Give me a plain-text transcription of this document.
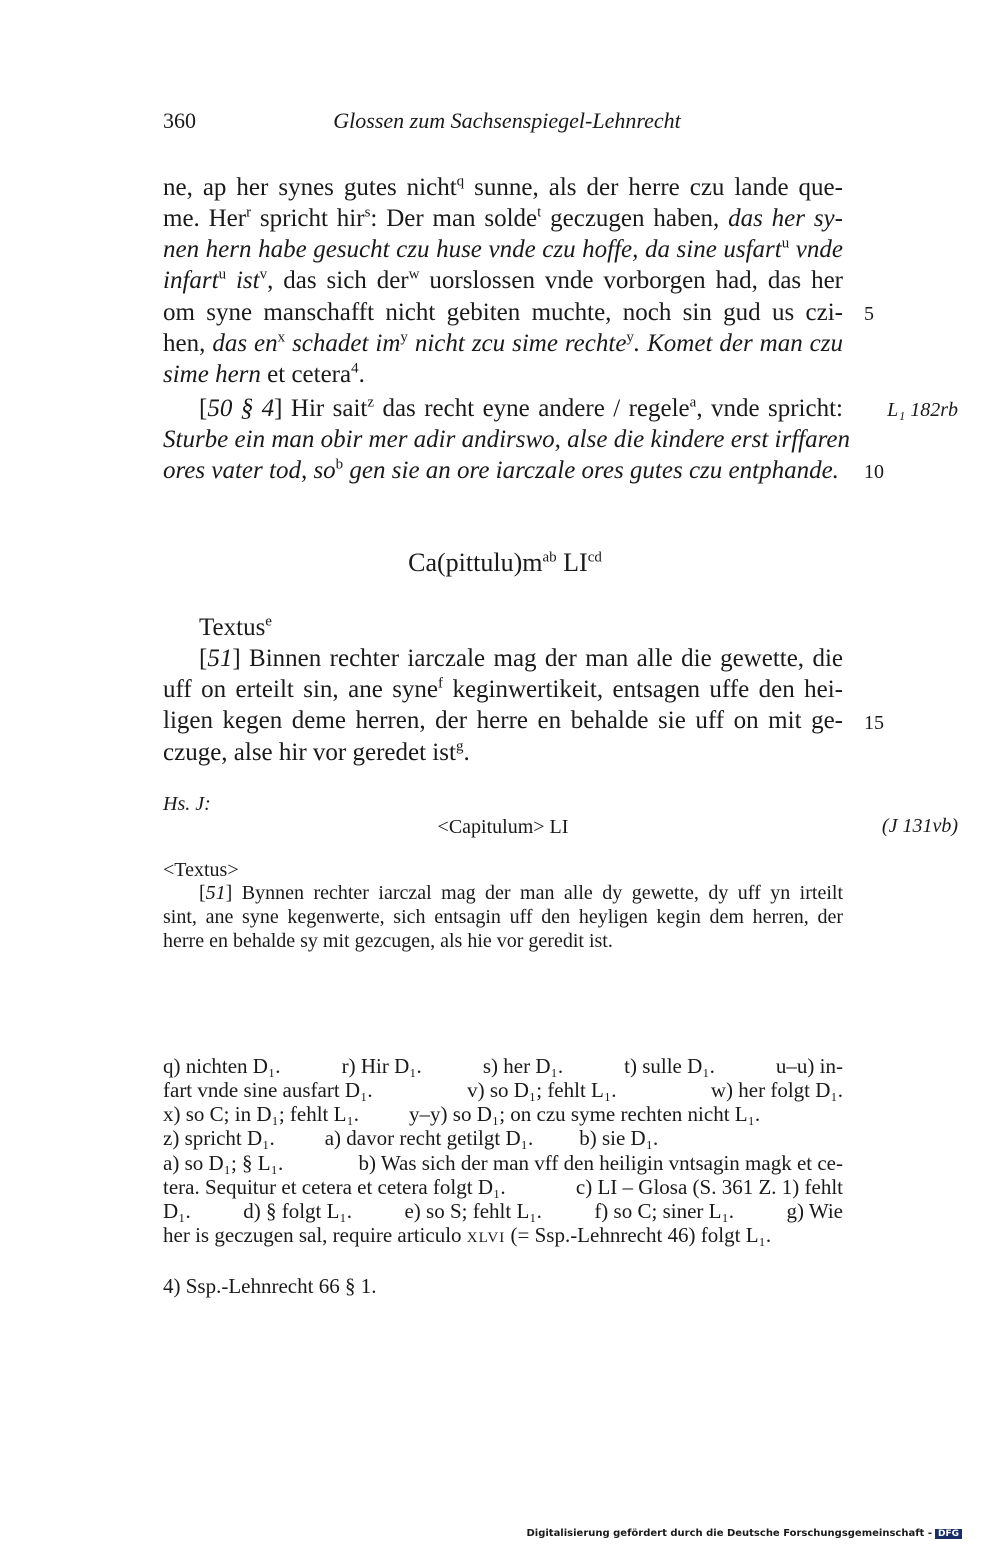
360	Glossen zum Sachsenspiegel-Lehnrecht
ne, ap her synes gutes nicht$^q$ sunne, als der herre czu lande que-
me. Her$^r$ spricht hir$^s$: Der man solde$^t$ geczugen haben, das her sy-
nen hern habe gesucht czu huse vnde czu hoffe, da sine usfart$^u$ vnde
infart$^u$ ist$^v$, das sich der$^w$ uorslossen vnde vorborgen had, das her
om syne manschafft nicht gebiten muchte, noch sin gud us czi- 5
hen, das $en^x$ schadet $im^y$ nicht zcu sime rechte$^y$. Komet der man czu
sime hern et cetera$^4$.
[50 § 4] Hir sait$^z$ das recht eyne andere / regele$^a$, vnde spricht: L₁ 182rb
Sturbe ein man obir mer adir andirswo, alse die kindere erst irffaren
ores vater tod, $so^b$ gen sie an ore iarczale ores gutes czu entphande. 10
$Ca(pittulu)m^{ab}$ $LI^{cd}$
Textus$^e$
[51] Binnen rechter iarczale mag der man alle die gewette, die
uff on erteilt sin, ane syne$^f$ keginwertikeit, entsagen uffe den hei-
ligen kegen deme herren, der herre en behalde sie uff on mit ge- 15
czuge, alse hir vor geredet ist$^g$.
Hs. J:
<Capitulum> LI	(J 131vb)
<Textus>
[51] Bynnen rechter iarczal mag der man alle dy gewette, dy uff yn irteilt
sint, ane syne kegenwerte, sich entsagin uff den heyligen kegin dem herren, der
herre en behalde sy mit gezcugen, als hie vor geredit ist.
q) nichten D₁.	r) Hir D₁.	s) her D₁.	t) sulle D₁.	u–u) in-
fart vnde sine ausfart D₁.	v) so D₁; fehlt L₁.	w) her folgt D₁.
x) so C; in D₁; fehlt L₁. y–y) so D₁; on czu syme rechten nicht L₁.
z) spricht D₁. a) davor recht getilgt D₁. b) sie D₁.
a) so D₁; § L₁.	b) Was sich der man vff den heiligin vntsagin magk et ce-
tera. Sequitur et cetera et cetera folgt D₁.	c) LI – Glosa (S. 361 Z. 1) fehlt
D₁. d) § folgt L₁. e) so S; fehlt L₁. f) so C; siner L₁. g) Wie
her is geczugen sal, require articulo XLVI (= Ssp.-Lehnrecht 46) folgt L₁.
4) Ssp.-Lehnrecht 66 § 1.
Digitalisierung gefördert durch die Deutsche Forschungsgemeinschaft - DFG
